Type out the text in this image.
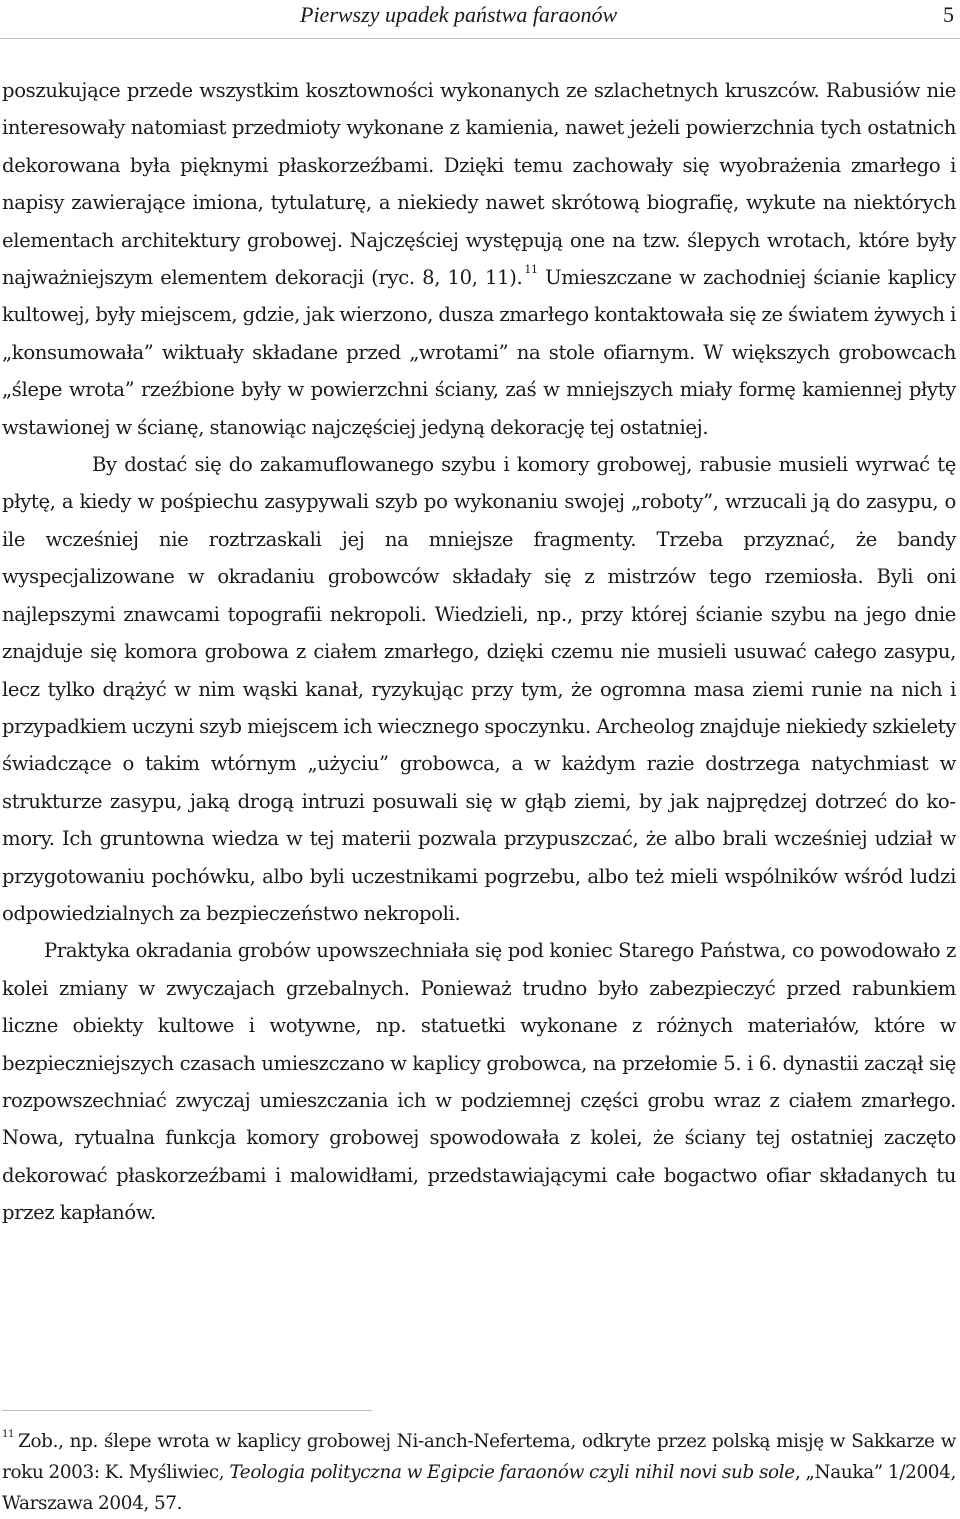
Pierwszy upadek państwa faraonów	5

poszukujące przede wszystkim kosztowności wykonanych ze szlachetnych kruszców. Rabusiów nie interesowały natomiast przedmioty wykonane z kamienia, nawet jeżeli powierzchnia tych ostatnich dekorowana była pięknymi płaskorzeźbami. Dzięki temu zachowały się wyobrażenia zmarłego i napisy zawierające imiona, tytulaturę, a niekiedy nawet skrótową biografię, wykute na niektórych elementach architektury grobowej. Najczęściej występują one na tzw. ślepych wrotach, które były najważniejszym elementem dekoracji (ryc. 8, 10, 11). $^{11}$ Umieszczane w zachodniej ścianie kaplicy kultowej, były miejscem, gdzie, jak wierzono, dusza zmarłego kontaktowała się ze światem żywych i „konsumowała” wiktuały składane przed „wrotami” na stole ofiarnym. W większych grobowcach „ślepe wrota” rzeźbione były w powierzchni ściany, zaś w mniejszych miały formę kamiennej płyty wstawionej w ścianę, stanowiąc najczęściej jedyną dekorację tej ostatniej.

By dostać się do zakamuflowanego szybu i komory grobowej, rabusie musieli wyrwać tę płytę, a kiedy w pośpiechu zasypywali szyb po wykonaniu swojej „roboty”, wrzucali ją do zasypu, o ile wcześniej nie roztrzaskali jej na mniejsze fragmenty. Trzeba przyznać, że bandy wyspecjalizowane w okradaniu grobowców składały się z mistrzów tego rzemiosła. Byli oni najlepszymi znawcami topografii nekropoli. Wiedzieli, np., przy której ścianie szybu na jego dnie znajduje się komora grobowa z ciałem zmarłego, dzięki czemu nie musieli usuwać całego zasypu, lecz tylko drążyć w nim wąski kanał, ryzykując przy tym, że ogromna masa ziemi runie na nich i przypadkiem uczyni szyb miejscem ich wiecznego spoczynku. Archeolog znajduje niekiedy szkielety świadczące o takim wtórnym „użyciu” grobowca, a w każdym razie dostrzega natychmiast w strukturze zasypu, jaką drogą intruzi posuwali się w głąb ziemi, by jak najprędzej dotrzeć do komory. Ich gruntowna wiedza w tej materii pozwala przypuszczać, że albo brali wcześniej udział w przygotowaniu pochówku, albo byli uczestnikami pogrzebu, albo też mieli wspólników wśród ludzi odpowiedzialnych za bezpieczeństwo nekropoli.

Praktyka okradania grobów upowszechniała się pod koniec Starego Państwa, co powodowało z kolei zmiany w zwyczajach grzebalnych. Ponieważ trudno było zabezpieczyć przed rabunkiem liczne obiekty kultowe i wotywne, np. statuetki wykonane z różnych materiałów, które w bezpieczniejszych czasach umieszczano w kaplicy grobowca, na przełomie 5. i 6. dynastii zaczął się rozpowszechniać zwyczaj umieszczania ich w podziemnej części grobu wraz z ciałem zmarłego. Nowa, rytualna funkcja komory grobowej spowodowała z kolei, że ściany tej ostatniej zaczęto dekorować płaskorzeźbami i malowidłami, przedstawiającymi całe bogactwo ofiar składanych tu przez kapłanów.

$^{11}$ Zob., np. ślepe wrota w kaplicy grobowej Ni-anch-Nefertema, odkryte przez polską misję w Sakkarze w roku 2003: K. Myśliwiec, Teologia polityczna w Egipcie faraonów czyli nihil novi sub sole, „Nauka” 1/2004, Warszawa 2004, 57.
